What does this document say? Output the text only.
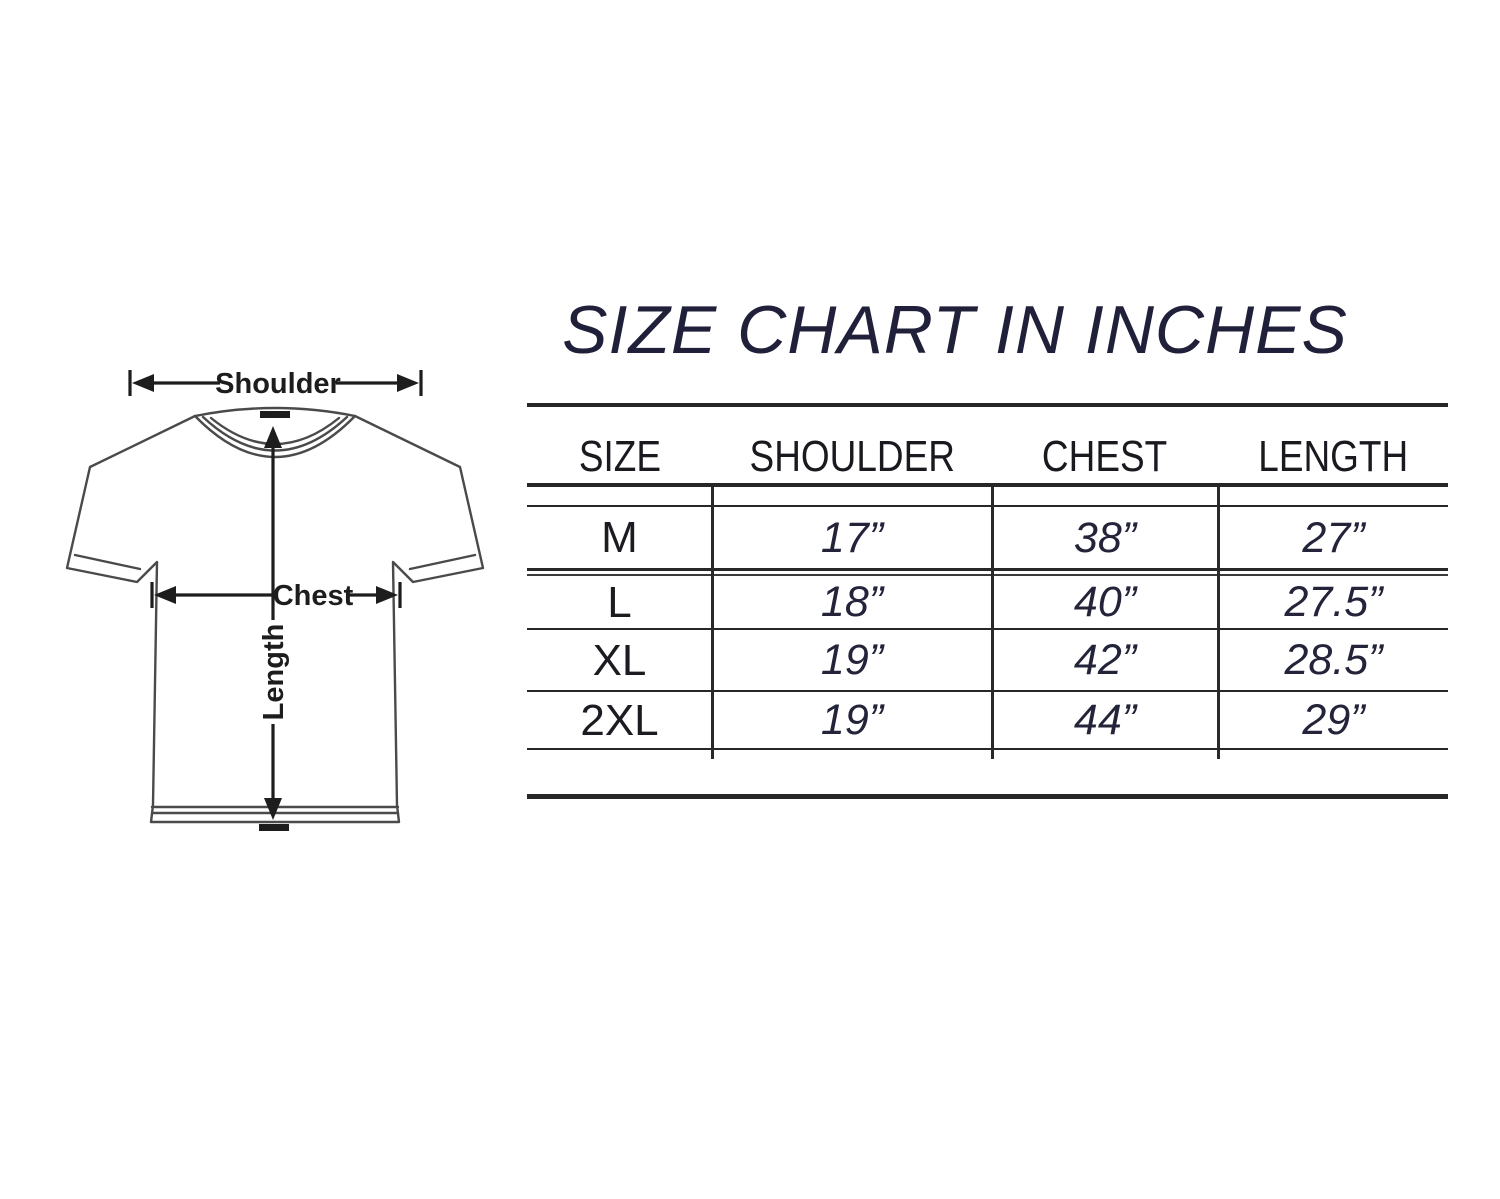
Shoulder
Length
Chest
SIZE CHART IN INCHES
SIZE SHOULDER CHEST LENGTH
M	17”	38”	27”
L	18”	40”	27.5”
XL	19”	42”	28.5”
2XL	19”	44”	29”
